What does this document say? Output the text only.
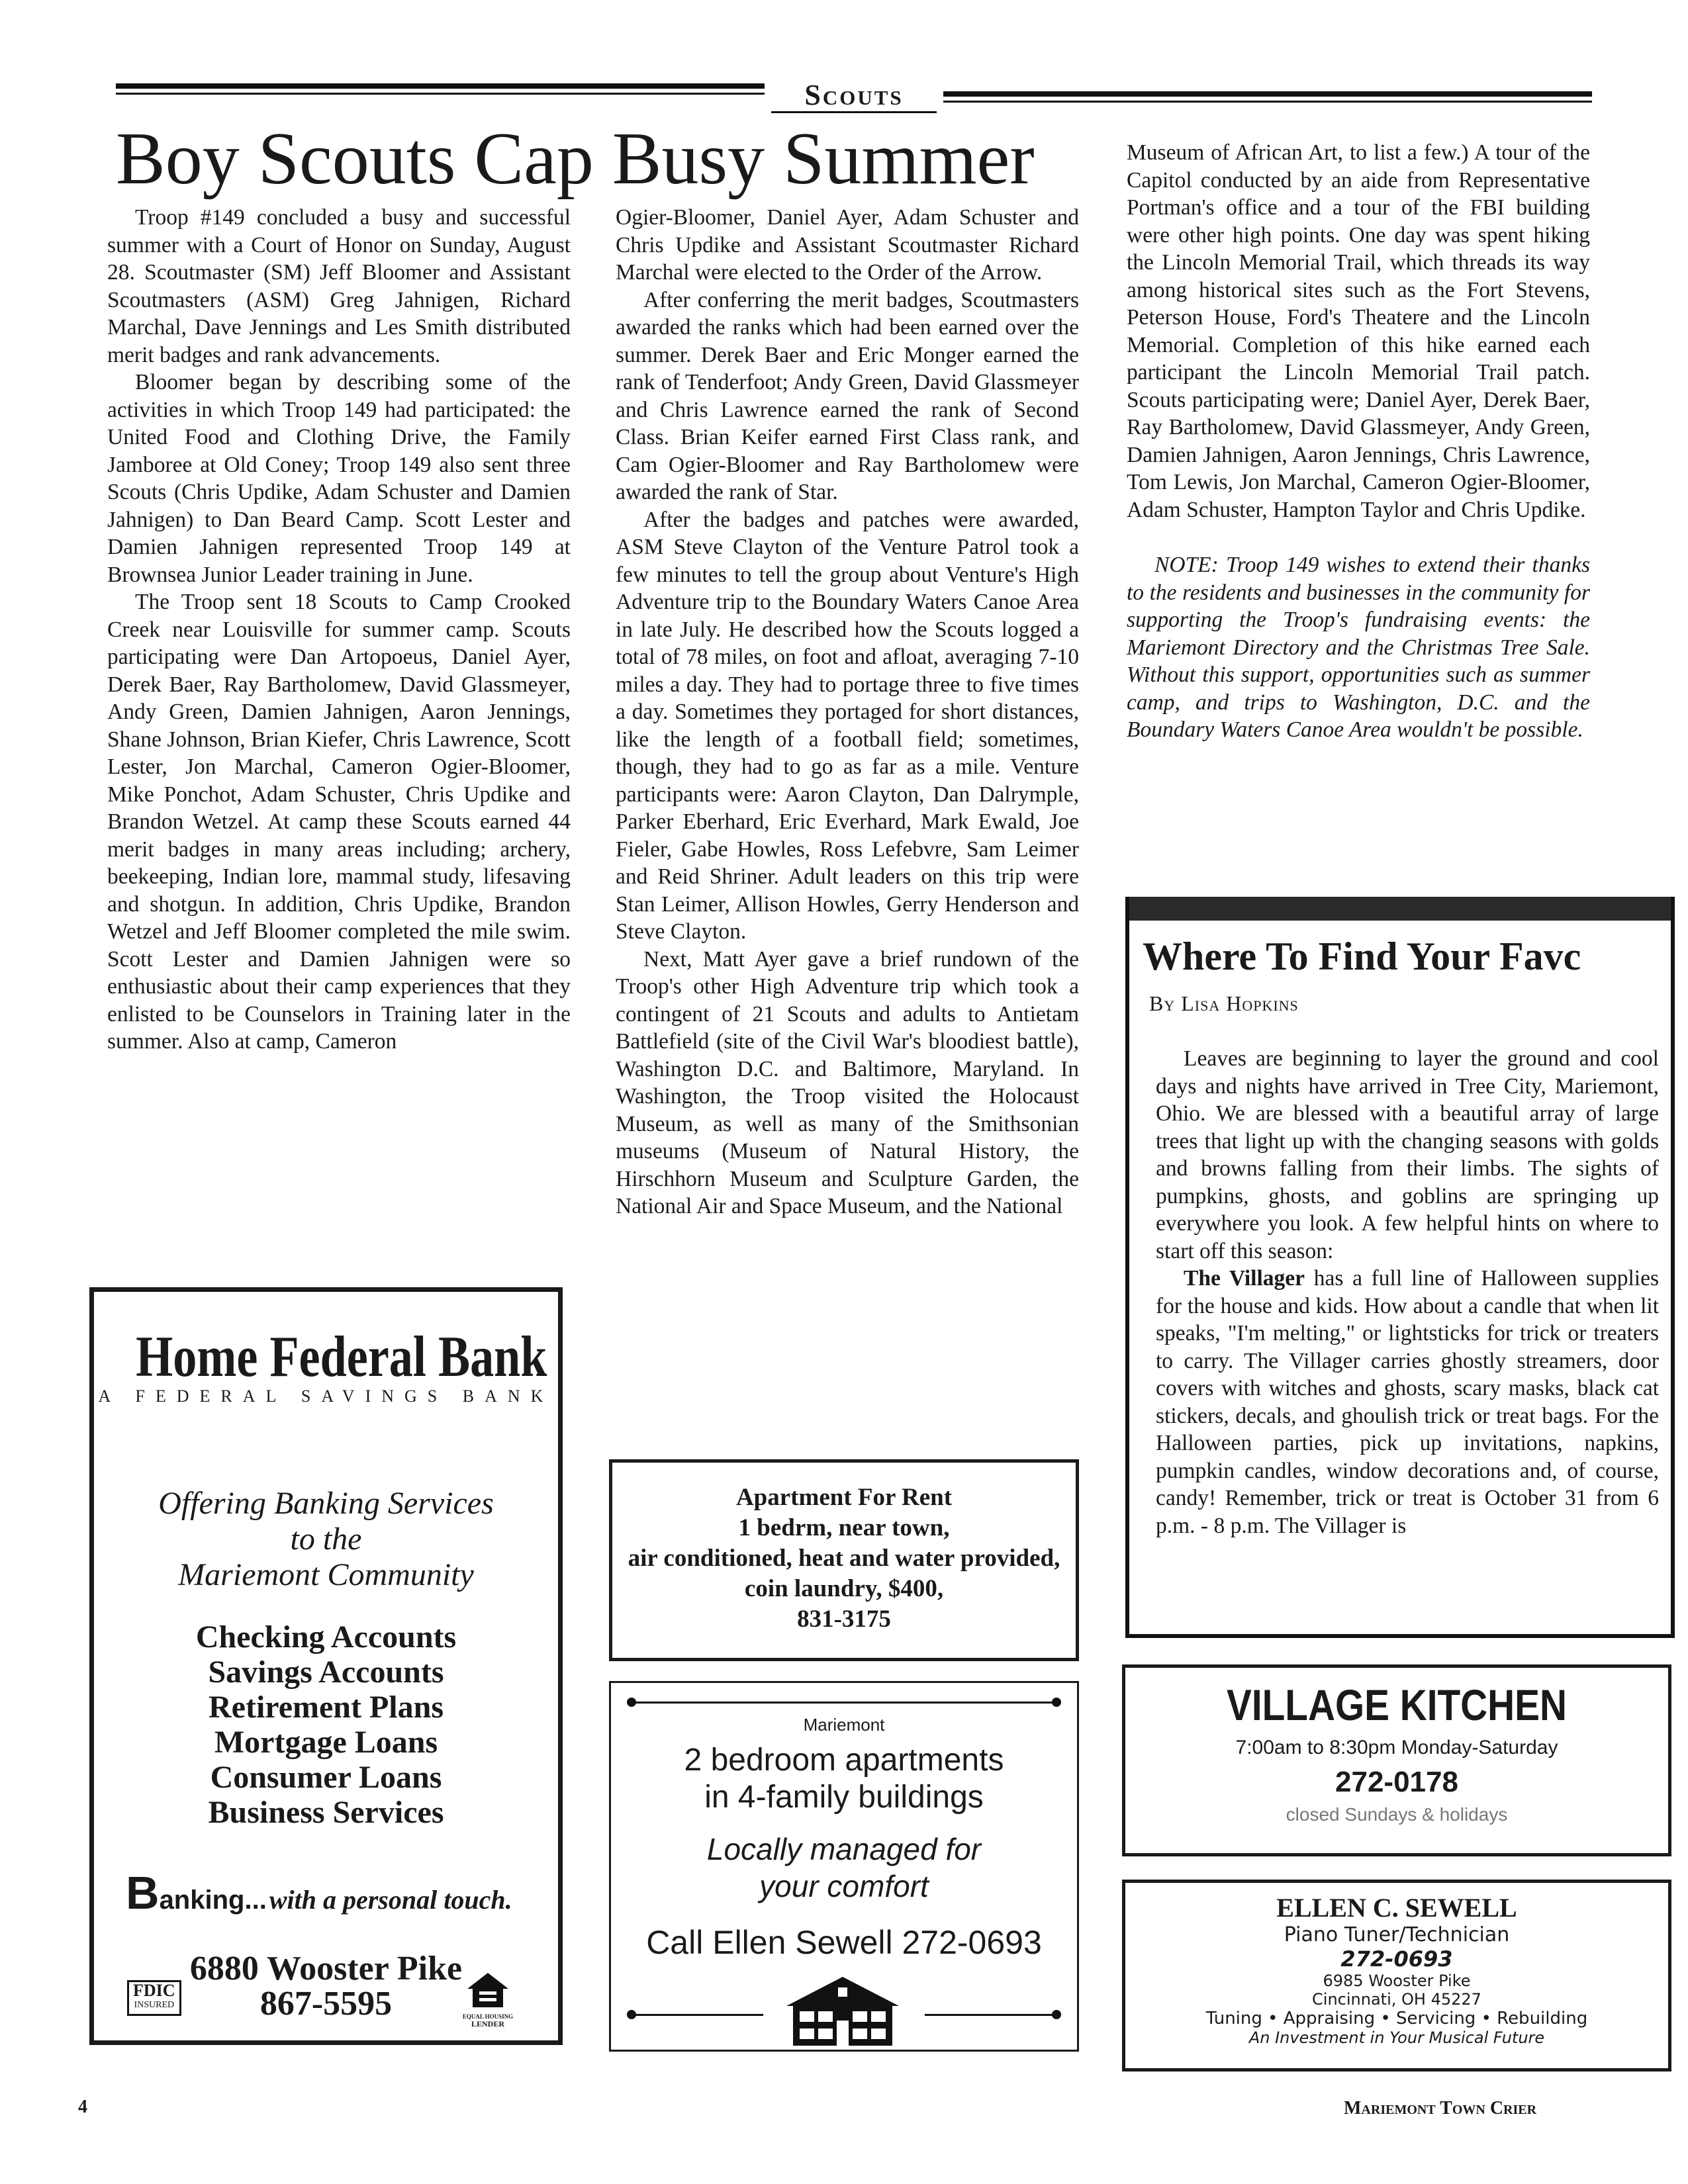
Scouts
Boy Scouts Cap Busy Summer

Troop #149 concluded a busy and successful summer with a Court of Honor on Sunday, August 28. Scoutmaster (SM) Jeff Bloomer and Assistant Scoutmasters (ASM) Greg Jahnigen, Richard Marchal, Dave Jennings and Les Smith distributed merit badges and rank advancements.

Bloomer began by describing some of the activities in which Troop 149 had participated: the United Food and Clothing Drive, the Family Jamboree at Old Coney; Troop 149 also sent three Scouts (Chris Updike, Adam Schuster and Damien Jahnigen) to Dan Beard Camp. Scott Lester and Damien Jahnigen represented Troop 149 at Brownsea Junior Leader training in June.

The Troop sent 18 Scouts to Camp Crooked Creek near Louisville for summer camp. Scouts participating were Dan Artopoeus, Daniel Ayer, Derek Baer, Ray Bartholomew, David Glassmeyer, Andy Green, Damien Jahnigen, Aaron Jennings, Shane Johnson, Brian Kiefer, Chris Lawrence, Scott Lester, Jon Marchal, Cameron Ogier-Bloomer, Mike Ponchot, Adam Schuster, Chris Updike and Brandon Wetzel. At camp these Scouts earned 44 merit badges in many areas including; archery, beekeeping, Indian lore, mammal study, lifesaving and shotgun. In addition, Chris Updike, Brandon Wetzel and Jeff Bloomer completed the mile swim. Scott Lester and Damien Jahnigen were so enthusiastic about their camp experiences that they enlisted to be Counselors in Training later in the summer. Also at camp, Cameron

Ogier-Bloomer, Daniel Ayer, Adam Schuster and Chris Updike and Assistant Scoutmaster Richard Marchal were elected to the Order of the Arrow.

After conferring the merit badges, Scoutmasters awarded the ranks which had been earned over the summer. Derek Baer and Eric Monger earned the rank of Tenderfoot; Andy Green, David Glassmeyer and Chris Lawrence earned the rank of Second Class. Brian Keifer earned First Class rank, and Cam Ogier-Bloomer and Ray Bartholomew were awarded the rank of Star.

After the badges and patches were awarded, ASM Steve Clayton of the Venture Patrol took a few minutes to tell the group about Venture's High Adventure trip to the Boundary Waters Canoe Area in late July. He described how the Scouts logged a total of 78 miles, on foot and afloat, averaging 7-10 miles a day. They had to portage three to five times a day. Sometimes they portaged for short distances, like the length of a football field; sometimes, though, they had to go as far as a mile. Venture participants were: Aaron Clayton, Dan Dalrymple, Parker Eberhard, Eric Everhard, Mark Ewald, Joe Fieler, Gabe Howles, Ross Lefebvre, Sam Leimer and Reid Shriner. Adult leaders on this trip were Stan Leimer, Allison Howles, Gerry Henderson and Steve Clayton.

Next, Matt Ayer gave a brief rundown of the Troop's other High Adventure trip which took a contingent of 21 Scouts and adults to Antietam Battlefield (site of the Civil War's bloodiest battle), Washington D.C. and Baltimore, Maryland. In Washington, the Troop visited the Holocaust Museum, as well as many of the Smithsonian museums (Museum of Natural History, the Hirschhorn Museum and Sculpture Garden, the National Air and Space Museum, and the National

Museum of African Art, to list a few.) A tour of the Capitol conducted by an aide from Representative Portman's office and a tour of the FBI building were other high points. One day was spent hiking the Lincoln Memorial Trail, which threads its way among historical sites such as the Fort Stevens, Peterson House, Ford's Theatere and the Lincoln Memorial. Completion of this hike earned each participant the Lincoln Memorial Trail patch. Scouts participating were; Daniel Ayer, Derek Baer, Ray Bartholomew, David Glassmeyer, Andy Green, Damien Jahnigen, Aaron Jennings, Chris Lawrence, Tom Lewis, Jon Marchal, Cameron Ogier-Bloomer, Adam Schuster, Hampton Taylor and Chris Updike.

NOTE: Troop 149 wishes to extend their thanks to the residents and businesses in the community for supporting the Troop's fundraising events: the Mariemont Directory and the Christmas Tree Sale. Without this support, opportunities such as summer camp, and trips to Washington, D.C. and the Boundary Waters Canoe Area wouldn't be possible.

Home Federal Bank
A FEDERAL SAVINGS BANK
Offering Banking Services
to the
Mariemont Community
Checking Accounts
Savings Accounts
Retirement Plans
Mortgage Loans
Consumer Loans
Business Services
Banking... with a personal touch.
6880 Wooster Pike
867-5595
FDIC
INSURED
EQUAL HOUSING
LENDER
Apartment For Rent
1 bedrm, near town,
air conditioned, heat and water provided,
coin laundry, $400,
831-3175
Mariemont
2 bedroom apartments
in 4-family buildings
Locally managed for
your comfort
Call Ellen Sewell 272-0693
Where To Find Your Favc
By Lisa Hopkins

Leaves are beginning to layer the ground and cool days and nights have arrived in Tree City, Mariemont, Ohio. We are blessed with a beautiful array of large trees that light up with the changing seasons with golds and browns falling from their limbs. The sights of pumpkins, ghosts, and goblins are springing up everywhere you look. A few helpful hints on where to start off this season:

The Villager has a full line of Halloween supplies for the house and kids. How about a candle that when lit speaks, "I'm melting," or lightsticks for trick or treaters to carry. The Villager carries ghostly streamers, door covers with witches and ghosts, scary masks, black cat stickers, decals, and ghoulish trick or treat bags. For the Halloween parties, pick up invitations, napkins, pumpkin candles, window decorations and, of course, candy! Remember, trick or treat is October 31 from 6 p.m. - 8 p.m. The Villager is

VILLAGE KITCHEN
7:00am to 8:30pm Monday-Saturday
272-0178
closed Sundays & holidays
ELLEN C. SEWELL
Piano Tuner/Technician
272-0693
6985 Wooster Pike
Cincinnati, OH 45227
Tuning • Appraising • Servicing • Rebuilding
An Investment in Your Musical Future
4	Mariemont Town Crier
